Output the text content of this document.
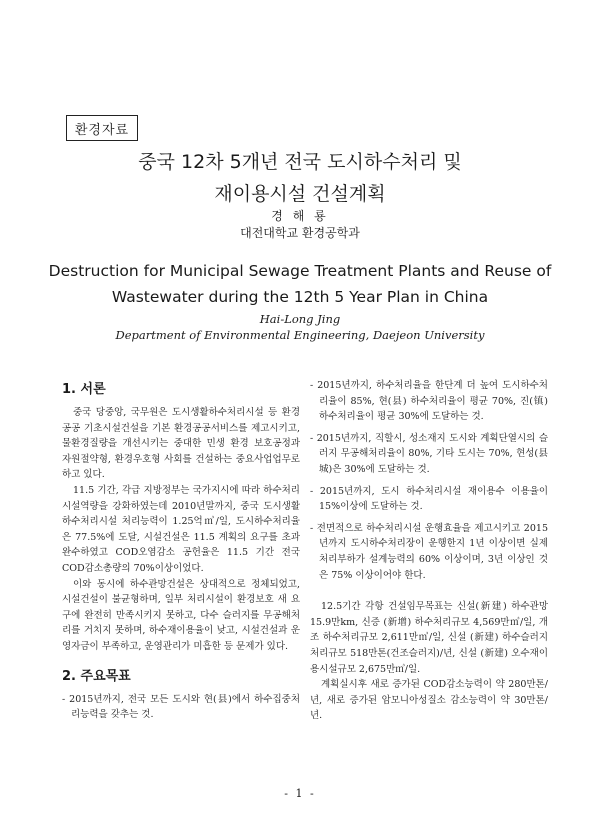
환경자료
중국 12차 5개년 전국 도시하수처리 및
재이용시설 건설계획
경 해 룡
대전대학교 환경공학과
Destruction for Municipal Sewage Treatment Plants and Reuse of
Wastewater during the 12th 5 Year Plan in China
Hai-Long Jing
Department of Environmental Engineering, Daejeon University
1. 서론

중국 당중앙, 국무원은 도시생활하수처리시설 등 환경공공 기초시설건설을 기본 환경공공서비스를 제고시키고, 물환경질량을 개선시키는 중대한 민생 환경 보호공정과 자원절약형, 환경우호형 사회를 건설하는 중요사업업무로 하고 있다.

11.5 기간, 각급 지방정부는 국가지시에 따라 하수처리시설역량을 강화하였는데 2010년말까지, 중국 도시생활하수처리시설 처리능력이 1.25억㎥/일, 도시하수처리율은 77.5%에 도달, 시설건설은 11.5 계획의 요구를 초과완수하였고 COD오염감소 공헌율은 11.5 기간 전국 COD감소총량의 70%이상이었다.

이와 동시에 하수관망건설은 상대적으로 정체되었고, 시설건설이 불균형하며, 일부 처리시설이 환경보호 새 요구에 완전히 만족시키지 못하고, 다수 슬러지를 무공해처리를 거치지 못하며, 하수재이용율이 낮고, 시설건설과 운영자금이 부족하고, 운영관리가 미흡한 등 문제가 있다.

2. 주요목표

- 2015년까지, 전국 모든 도시와 현(县)에서 하수집중처리능력을 갖추는 것.

- 2015년까지, 하수처리율을 한단계 더 높여 도시하수처리율이 85%, 현(县) 하수처리율이 평균 70%, 진(镇) 하수처리율이 평균 30%에 도달하는 것.

- 2015년까지, 직할시, 성소재지 도시와 계획단열시의 슬러지 무공해처리율이 80%, 기타 도시는 70%, 현성(县城)은 30%에 도달하는 것.

- 2015년까지, 도시 하수처리시설 재이용수 이용율이 15%이상에 도달하는 것.

- 전면적으로 하수처리시설 운행효율을 제고시키고 2015년까지 도시하수처리장이 운행한지 1년 이상이면 실제 처리부하가 설계능력의 60% 이상이며, 3년 이상인 것은 75% 이상이어야 한다.

12.5기간 각항 건설임무목표는 신설(新建) 하수관망 15.9만km, 신증 (新增) 하수처리규모 4,569만㎥/일, 개조 하수처리규모 2,611만㎥/일, 신설 (新建) 하수슬러지처리규모 518만톤(건조슬러지)/년, 신설 (新建) 오수재이용시설규모 2,675만㎥/일.

계획실시후 새로 증가된 COD감소능력이 약 280만톤/년, 새로 증가된 암모니아성질소 감소능력이 약 30만톤/년.

- 1 -
